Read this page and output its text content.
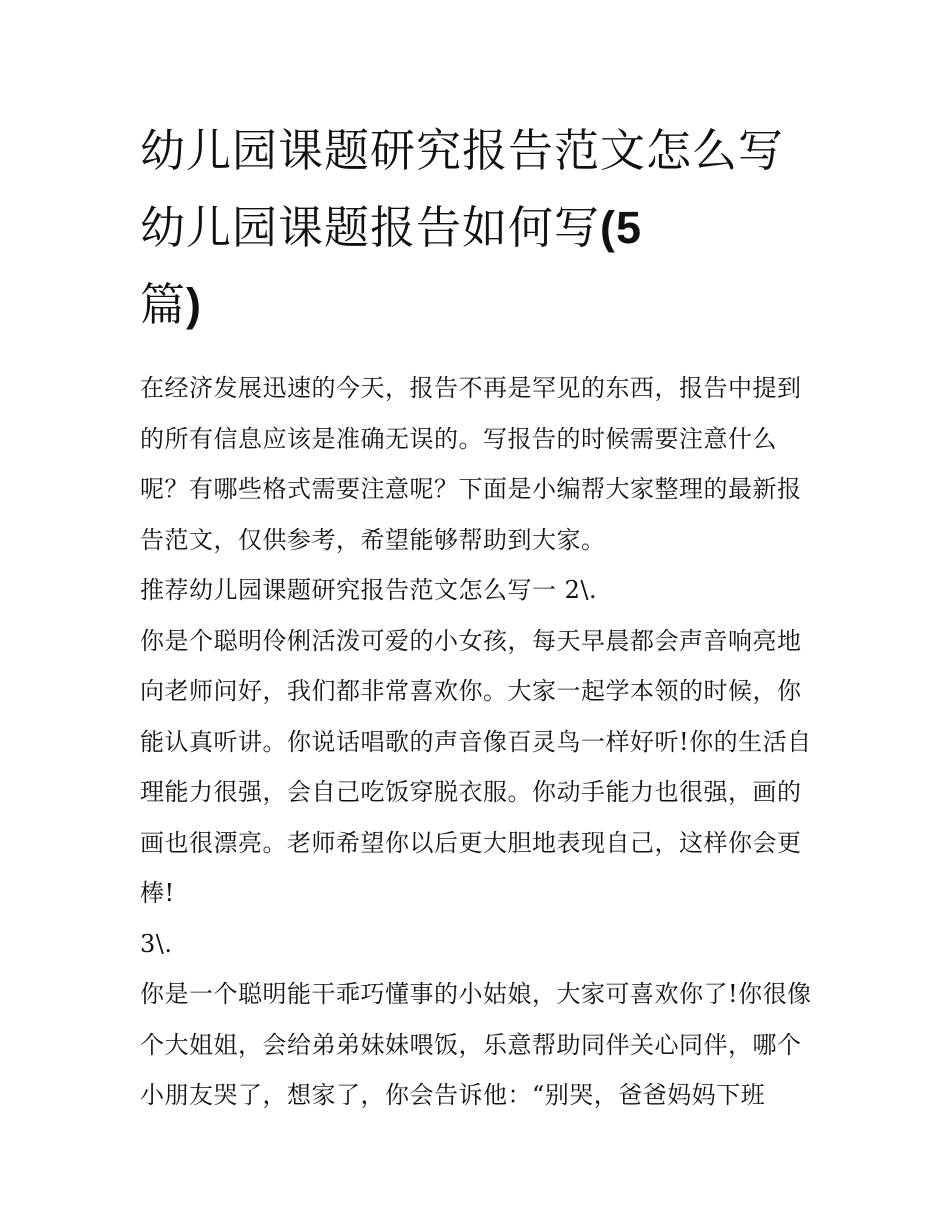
幼儿园课题研究报告范文怎么写 幼儿园课题报告如何写(5
篇)

在经济发展迅速的今天，报告不再是罕见的东西，报告中提到的所有信息应该是准确无误的。写报告的时候需要注意什么呢？有哪些格式需要注意呢？下面是小编帮大家整理的最新报告范文，仅供参考，希望能够帮助到大家。

推荐幼儿园课题研究报告范文怎么写一 2\.

你是个聪明伶俐活泼可爱的小女孩，每天早晨都会声音响亮地向老师问好，我们都非常喜欢你。大家一起学本领的时候，你能认真听讲。你说话唱歌的声音像百灵鸟一样好听!你的生活自理能力很强，会自己吃饭穿脱衣服。你动手能力也很强，画的画也很漂亮。老师希望你以后更大胆地表现自己，这样你会更棒!

3\.

你是一个聪明能干乖巧懂事的小姑娘，大家可喜欢你了!你很像个大姐姐，会给弟弟妹妹喂饭，乐意帮助同伴关心同伴，哪个小朋友哭了，想家了，你会告诉他：“别哭，爸爸妈妈下班
